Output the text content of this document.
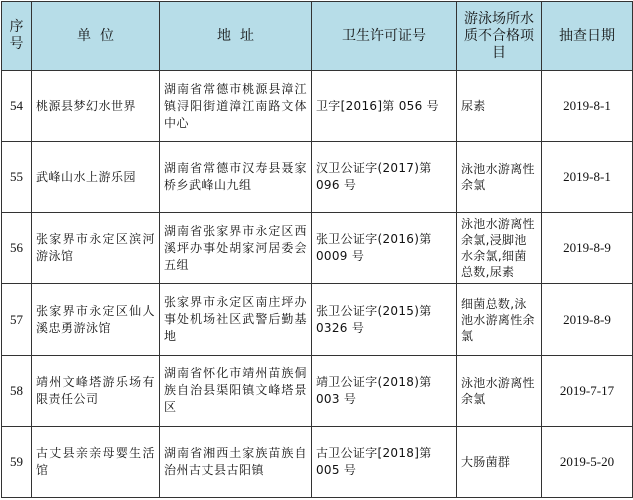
序号	单  位	地  址	卫生许可证号	游泳场所水质不合格项目	抽查日期
54	桃源县梦幻水世界	湖南省常德市桃源县漳江镇浔阳街道漳江南路文体中心	卫字[2016]第 056 号	尿素	2019-8-1
55	武峰山水上游乐园	湖南省常德市汉寿县聂家桥乡武峰山九组	汉卫公证字(2017)第 096 号	泳池水游离性余氯	2019-8-1
56	张家界市永定区滨河游泳馆	湖南省张家界市永定区西溪坪办事处胡家河居委会五组	张卫公证字(2016)第 0009 号	泳池水游离性余氯,浸脚池水余氯,细菌总数,尿素	2019-8-9
57	张家界市永定区仙人溪忠勇游泳馆	张家界市永定区南庄坪办事处机场社区武警后勤基地	张卫公证字(2015)第 0326 号	细菌总数,泳池水游离性余氯	2019-8-9
58	靖州文峰塔游乐场有限责任公司	湖南省怀化市靖州苗族侗族自治县渠阳镇文峰塔景区	靖卫公证字(2018)第 003 号	泳池水游离性余氯	2019-7-17
59	古丈县亲亲母婴生活馆	湖南省湘西土家族苗族自治州古丈县古阳镇	古卫公证字[2018]第 005 号	大肠菌群	2019-5-20
